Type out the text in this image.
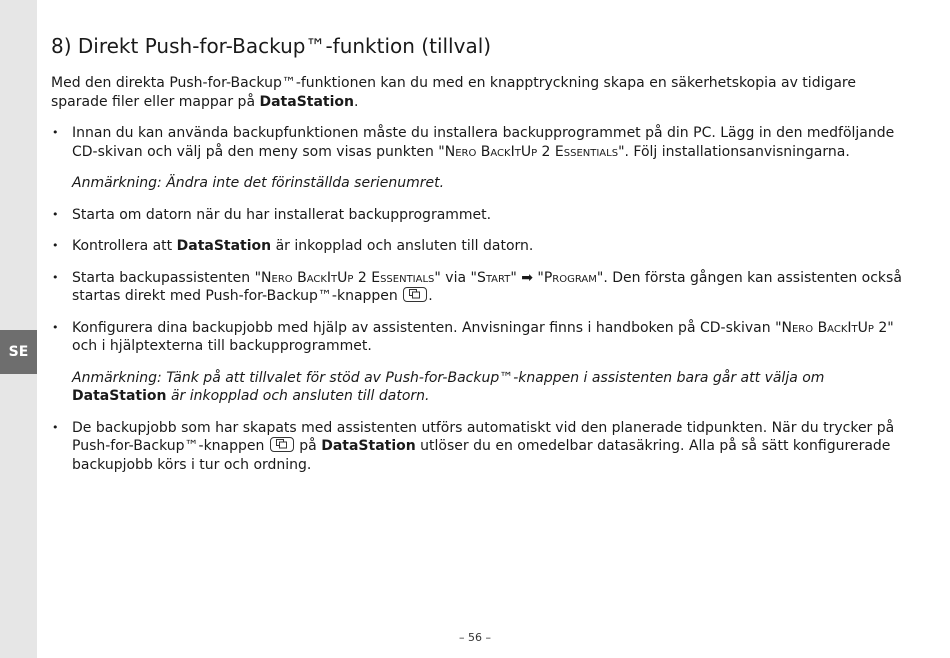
SE
8) Direkt Push-for-Backup™-funktion (tillval)

Med den direkta Push-for-Backup™-funktionen kan du med en knapptryckning skapa en säkerhetskopia av tidigare sparade filer eller mappar på DataStation.

• Innan du kan använda backupfunktionen måste du installera backupprogrammet på din PC. Lägg in den medföljande CD-skivan och välj på den meny som visas punkten "Nero BackItUp 2 Essentials". Följ installationsanvisningarna.

Anmärkning: Ändra inte det förinställda serienumret.

• Starta om datorn när du har installerat backupprogrammet.
• Kontrollera att DataStation är inkopplad och ansluten till datorn.
• Starta backupassistenten "Nero BackItUp 2 Essentials" via "Start" ➡ "Program". Den första gången kan assistenten också startas direkt med Push-for-Backup™-knappen
.
• Konfigurera dina backupjobb med hjälp av assistenten. Anvisningar finns i handboken på CD-skivan "Nero BackItUp 2" och i hjälptexterna till backupprogrammet.

Anmärkning: Tänk på att tillvalet för stöd av Push-for-Backup™-knappen i assistenten bara går att välja om DataStation är inkopplad och ansluten till datorn.

• De backupjobb som har skapats med assistenten utförs automatiskt vid den planerade tidpunkten. När du trycker på Push-for-Backup™-knappen
på DataStation utlöser du en omedelbar datasäkring. Alla på så sätt konfigurerade backupjobb körs i tur och ordning.
– 56 –
